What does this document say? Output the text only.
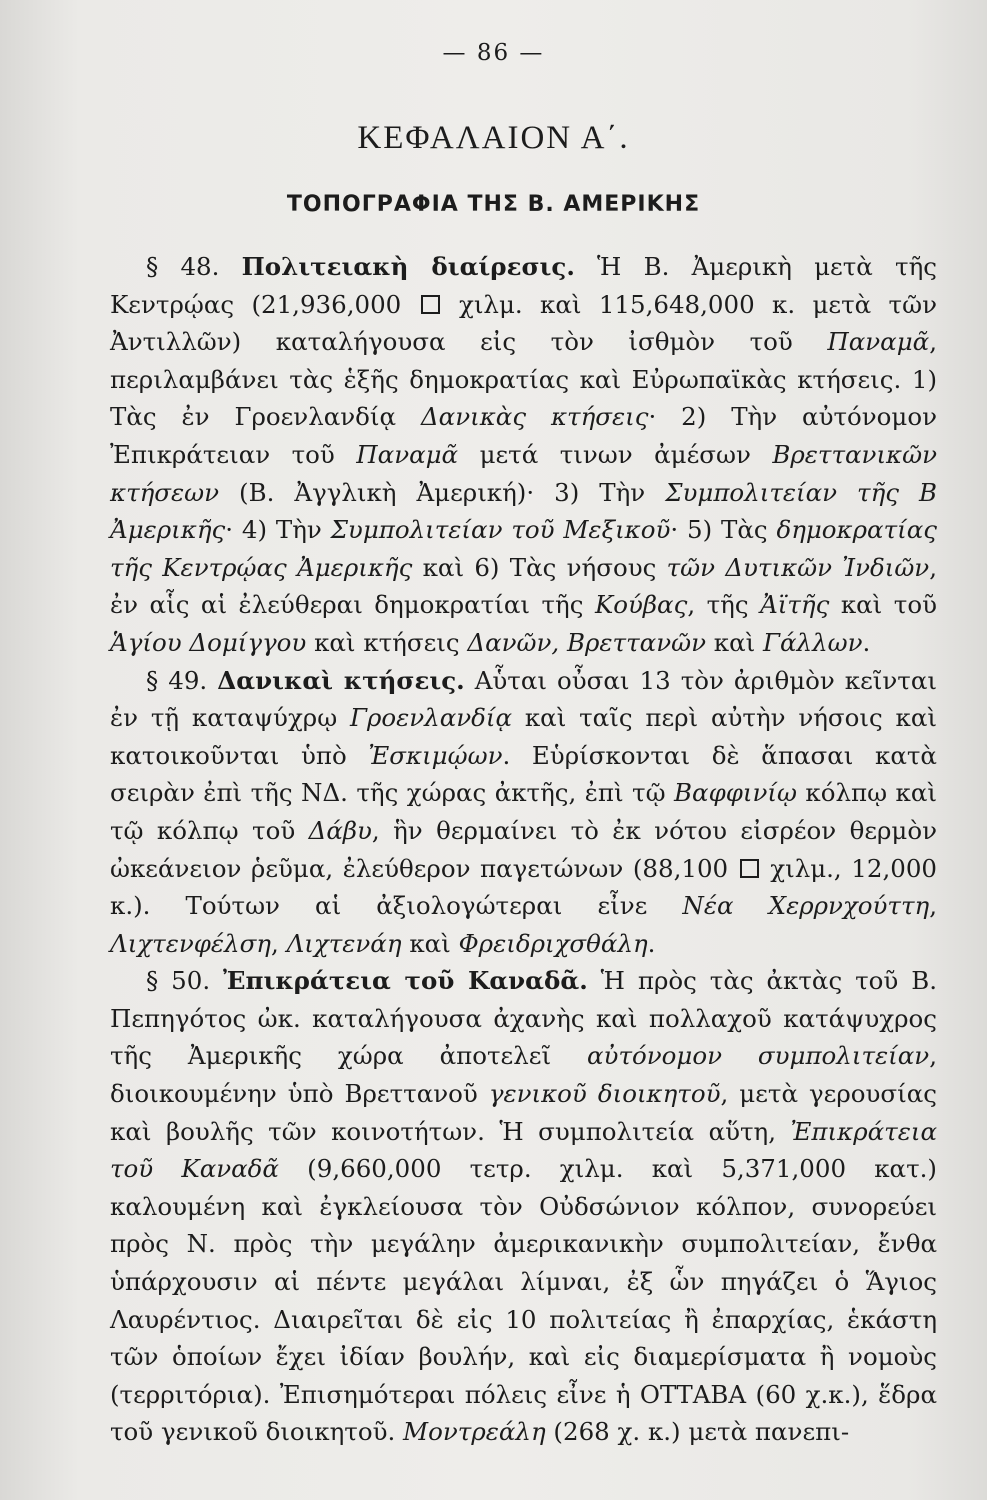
— 86 —
ΚΕΦΑΛΑΙΟΝ Α΄.
ΤΟΠΟΓΡΑΦΙΑ ΤΗΣ Β. ΑΜΕΡΙΚΗΣ

§ 48. Πολιτειακὴ διαίρεσις. Ἡ Β. Ἀμερικὴ μετὰ τῆς Κεντρῴας (21,936,000  χιλμ. καὶ 115,648,000 κ. μετὰ τῶν Ἀντιλλῶν) καταλήγουσα εἰς τὸν ἰσθμὸν τοῦ Παναμᾶ, περιλαμβάνει τὰς ἑξῆς δημοκρατίας καὶ Εὐρωπαϊκὰς κτήσεις. 1) Τὰς ἐν Γροενλανδίᾳ Δανικὰς κτήσεις· 2) Τὴν αὐτόνομον Ἐπικράτειαν τοῦ Παναμᾶ μετά τινων ἀμέσων Βρεττανικῶν κτήσεων (Β. Ἀγγλικὴ Ἀμερική)· 3) Τὴν Συμπολιτείαν τῆς Β Ἀμερικῆς· 4) Τὴν Συμπολιτείαν τοῦ Μεξικοῦ· 5) Τὰς δημοκρατίας τῆς Κεντρῴας Ἀμερικῆς καὶ 6) Τὰς νήσους τῶν Δυτικῶν Ἰνδιῶν, ἐν αἷς αἱ ἐλεύθεραι δημοκρατίαι τῆς Κούβας, τῆς Ἀϊτῆς καὶ τοῦ Ἁγίου Δομίγγου καὶ κτήσεις Δανῶν, Βρεττανῶν καὶ Γάλλων.

§ 49. Δανικαὶ κτήσεις. Αὗται οὖσαι 13 τὸν ἀριθμὸν κεῖνται ἐν τῇ καταψύχρῳ Γροενλανδίᾳ καὶ ταῖς περὶ αὐτὴν νήσοις καὶ κατοικοῦνται ὑπὸ Ἐσκιμῴων. Εὑρίσκονται δὲ ἅπασαι κατὰ σειρὰν ἐπὶ τῆς ΝΔ. τῆς χώρας ἀκτῆς, ἐπὶ τῷ Βαφφινίῳ κόλπῳ καὶ τῷ κόλπῳ τοῦ Δάβυ, ἣν θερμαίνει τὸ ἐκ νότου εἰσρέον θερμὸν ὠκεάνειον ῥεῦμα, ἐλεύθερον παγετώνων (88,100  χιλμ., 12,000 κ.). Τούτων αἱ ἀξιολογώτεραι εἶνε Νέα Χερρνχούττη, Λιχτενφέλση, Λιχτενάη καὶ Φρειδριχσθάλη.

§ 50. Ἐπικράτεια τοῦ Καναδᾶ. Ἡ πρὸς τὰς ἀκτὰς τοῦ Β. Πεπηγότος ὠκ. καταλήγουσα ἀχανὴς καὶ πολλαχοῦ κατάψυχρος τῆς Ἀμερικῆς χώρα ἀποτελεῖ αὐτόνομον συμπολιτείαν, διοικουμένην ὑπὸ Βρεττανοῦ γενικοῦ διοικητοῦ, μετὰ γερουσίας καὶ βουλῆς τῶν κοινοτήτων. Ἡ συμπολιτεία αὕτη, Ἐπικράτεια τοῦ Καναδᾶ (9,660,000 τετρ. χιλμ. καὶ 5,371,000 κατ.) καλουμένη καὶ ἐγκλείουσα τὸν Οὐδσώνιον κόλπον, συνορεύει πρὸς Ν. πρὸς τὴν μεγάλην ἀμερικανικὴν συμπολιτείαν, ἔνθα ὑπάρχουσιν αἱ πέντε μεγάλαι λίμναι, ἐξ ὧν πηγάζει ὁ Ἅγιος Λαυρέντιος. Διαιρεῖται δὲ εἰς 10 πολιτείας ἢ ἐπαρχίας, ἑκάστη τῶν ὁποίων ἔχει ἰδίαν βουλήν, καὶ εἰς διαμερίσματα ἢ νομοὺς (τερριτόρια). Ἐπισημότεραι πόλεις εἶνε ἡ ΟΤΤΑΒΑ (60 χ.κ.), ἕδρα τοῦ γενικοῦ διοικητοῦ. Μοντρεάλη (268 χ. κ.) μετὰ πανεπι-
